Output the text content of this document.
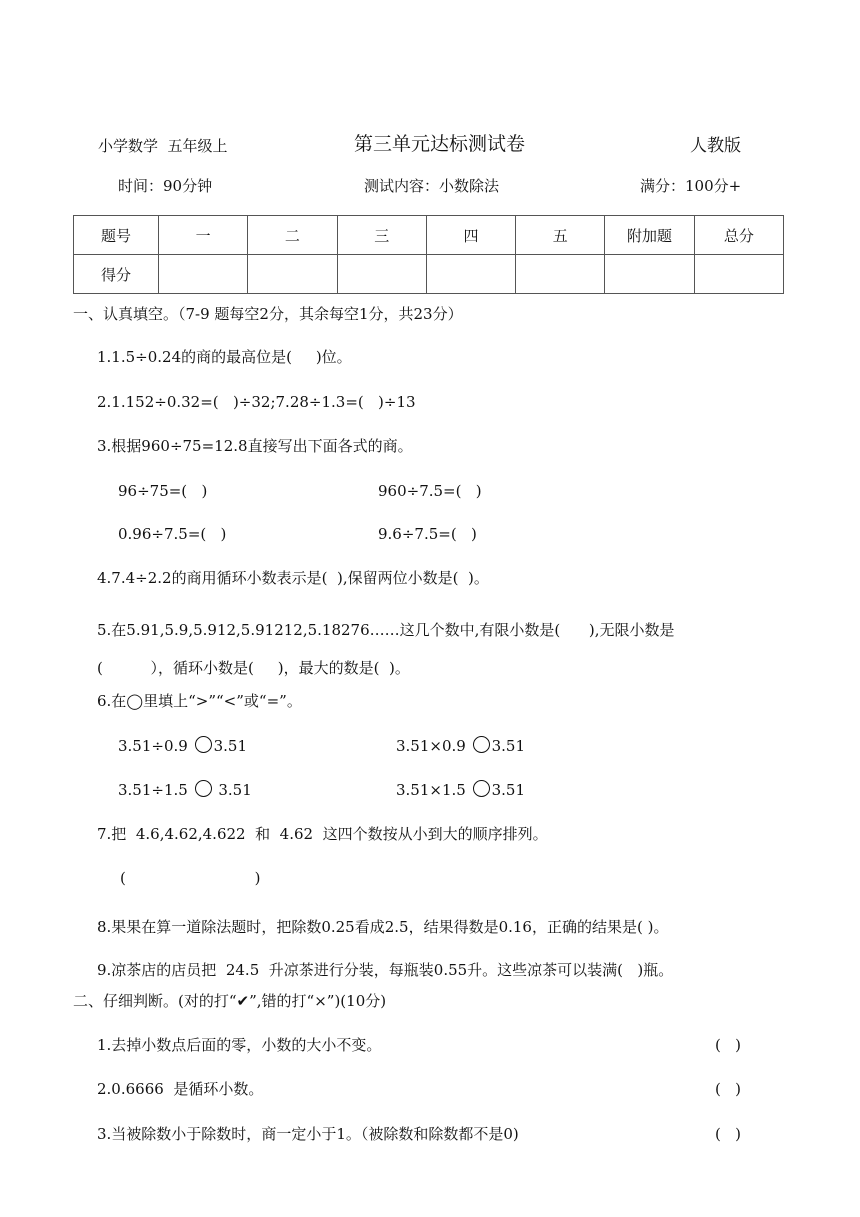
小学数学  五年级上	第三单元达标测试卷	人教版
时间：90分钟	测试内容：小数除法	满分：100分+
题号	一	二	三	四	五	附加题	总分
得分							
一、认真填空。（7-9 题每空2分，其余每空1分，共23分）
1.1.5÷0.24的商的最高位是(     )位。
2.1.152÷0.32=(   )÷32;7.28÷1.3=(   )÷13
3.根据960÷75=12.8直接写出下面各式的商。
96÷75=(   )	960÷7.5=(   )
0.96÷7.5=(   )	9.6÷7.5=(   )
4.7.4÷2.2的商用循环小数表示是(  ),保留两位小数是(  )。
5.在5.91,5.9,5.912,5.91212,5.18276……这几个数中,有限小数是(      ),无限小数是
(          ），循环小数是(     )，最大的数是(  )。
6.在◯里填上“>”“<”或“=”。
3.51÷0.9 3.51	3.51×0.9 3.51
3.51÷1.5  3.51	3.51×1.5 3.51
7.把  4.6,4.62,4.622  和  4.62  这四个数按从小到大的顺序排列。
(                           )
8.果果在算一道除法题时，把除数0.25看成2.5，结果得数是0.16，正确的结果是( )。
9.凉茶店的店员把  24.5  升凉茶进行分装，每瓶装0.55升。这些凉茶可以装满(   )瓶。
二、仔细判断。(对的打“✔”,错的打“×”)(10分)
1.去掉小数点后面的零，小数的大小不变。	(   )
2.0.6666  是循环小数。	(   )
3.当被除数小于除数时，商一定小于1。（被除数和除数都不是0)	(   )
